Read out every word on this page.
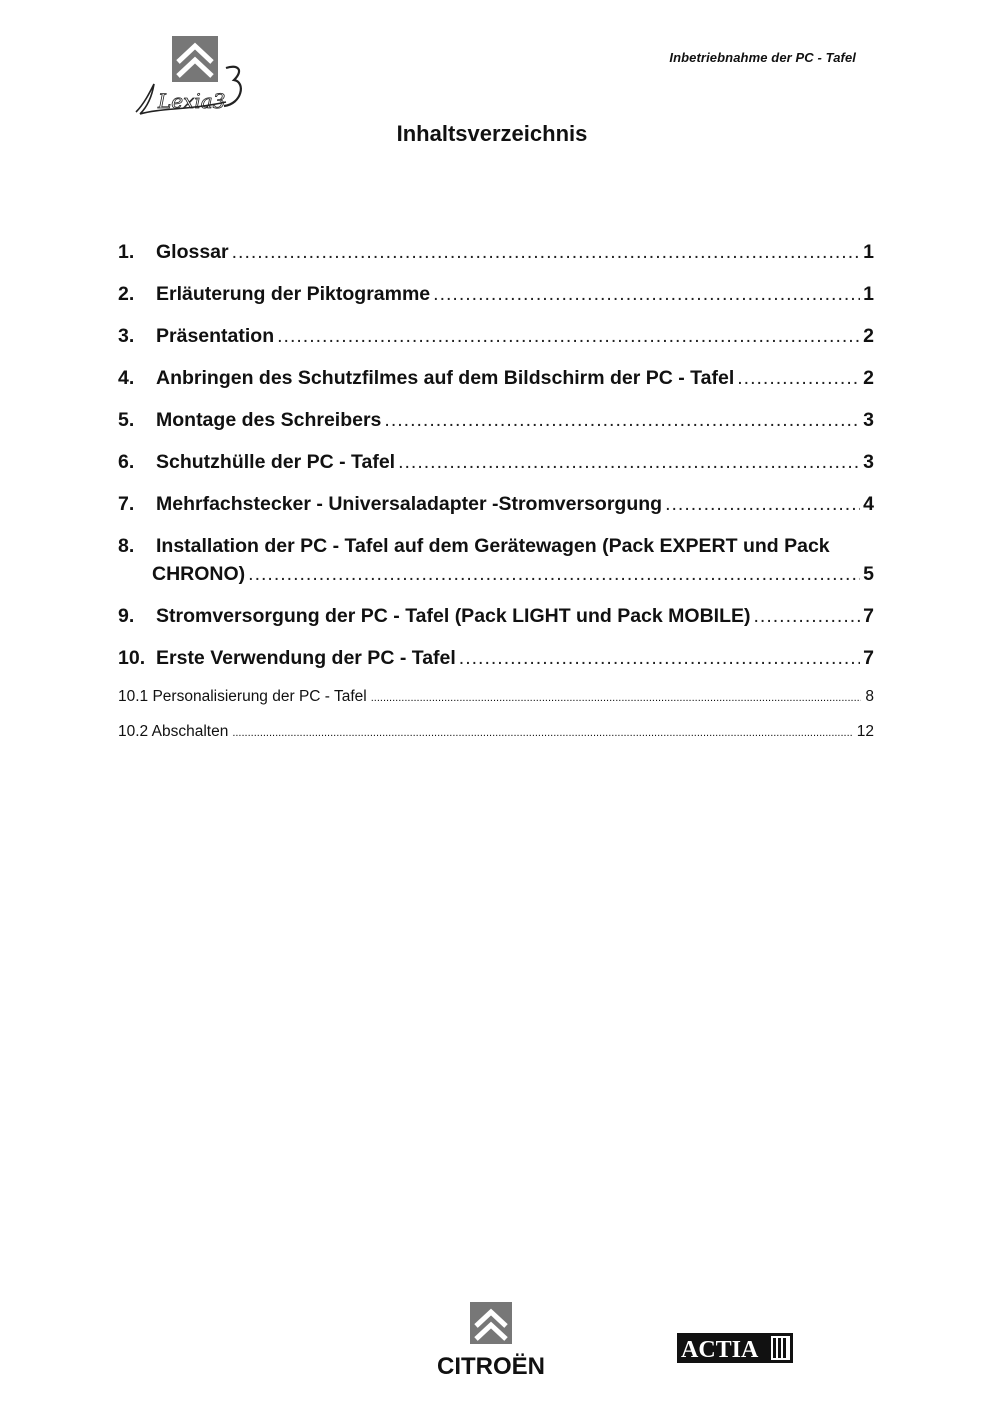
Lexia3
Inbetriebnahme der PC - Tafel
Inhaltsverzeichnis
1.	Glossar .....	1
2.	Erläuterung der Piktogramme .....	1
3.	Präsentation .....	2
4.	Anbringen des Schutzfilmes auf dem Bildschirm der PC - Tafel .....	2
5.	Montage des Schreibers .....	3
6.	Schutzhülle der PC - Tafel .....	3
7.	Mehrfachstecker - Universaladapter -Stromversorgung .....	4
8.	Installation der PC - Tafel auf dem Gerätewagen (Pack EXPERT und Pack
CHRONO) .....	5
9.	Stromversorgung der PC - Tafel (Pack LIGHT und Pack MOBILE) .....	7
10. Erste Verwendung der PC - Tafel .....	7
10.1 Personalisierung der PC - Tafel .....	8
10.2 Abschalten .....	12
CITROËN
ACTIA
